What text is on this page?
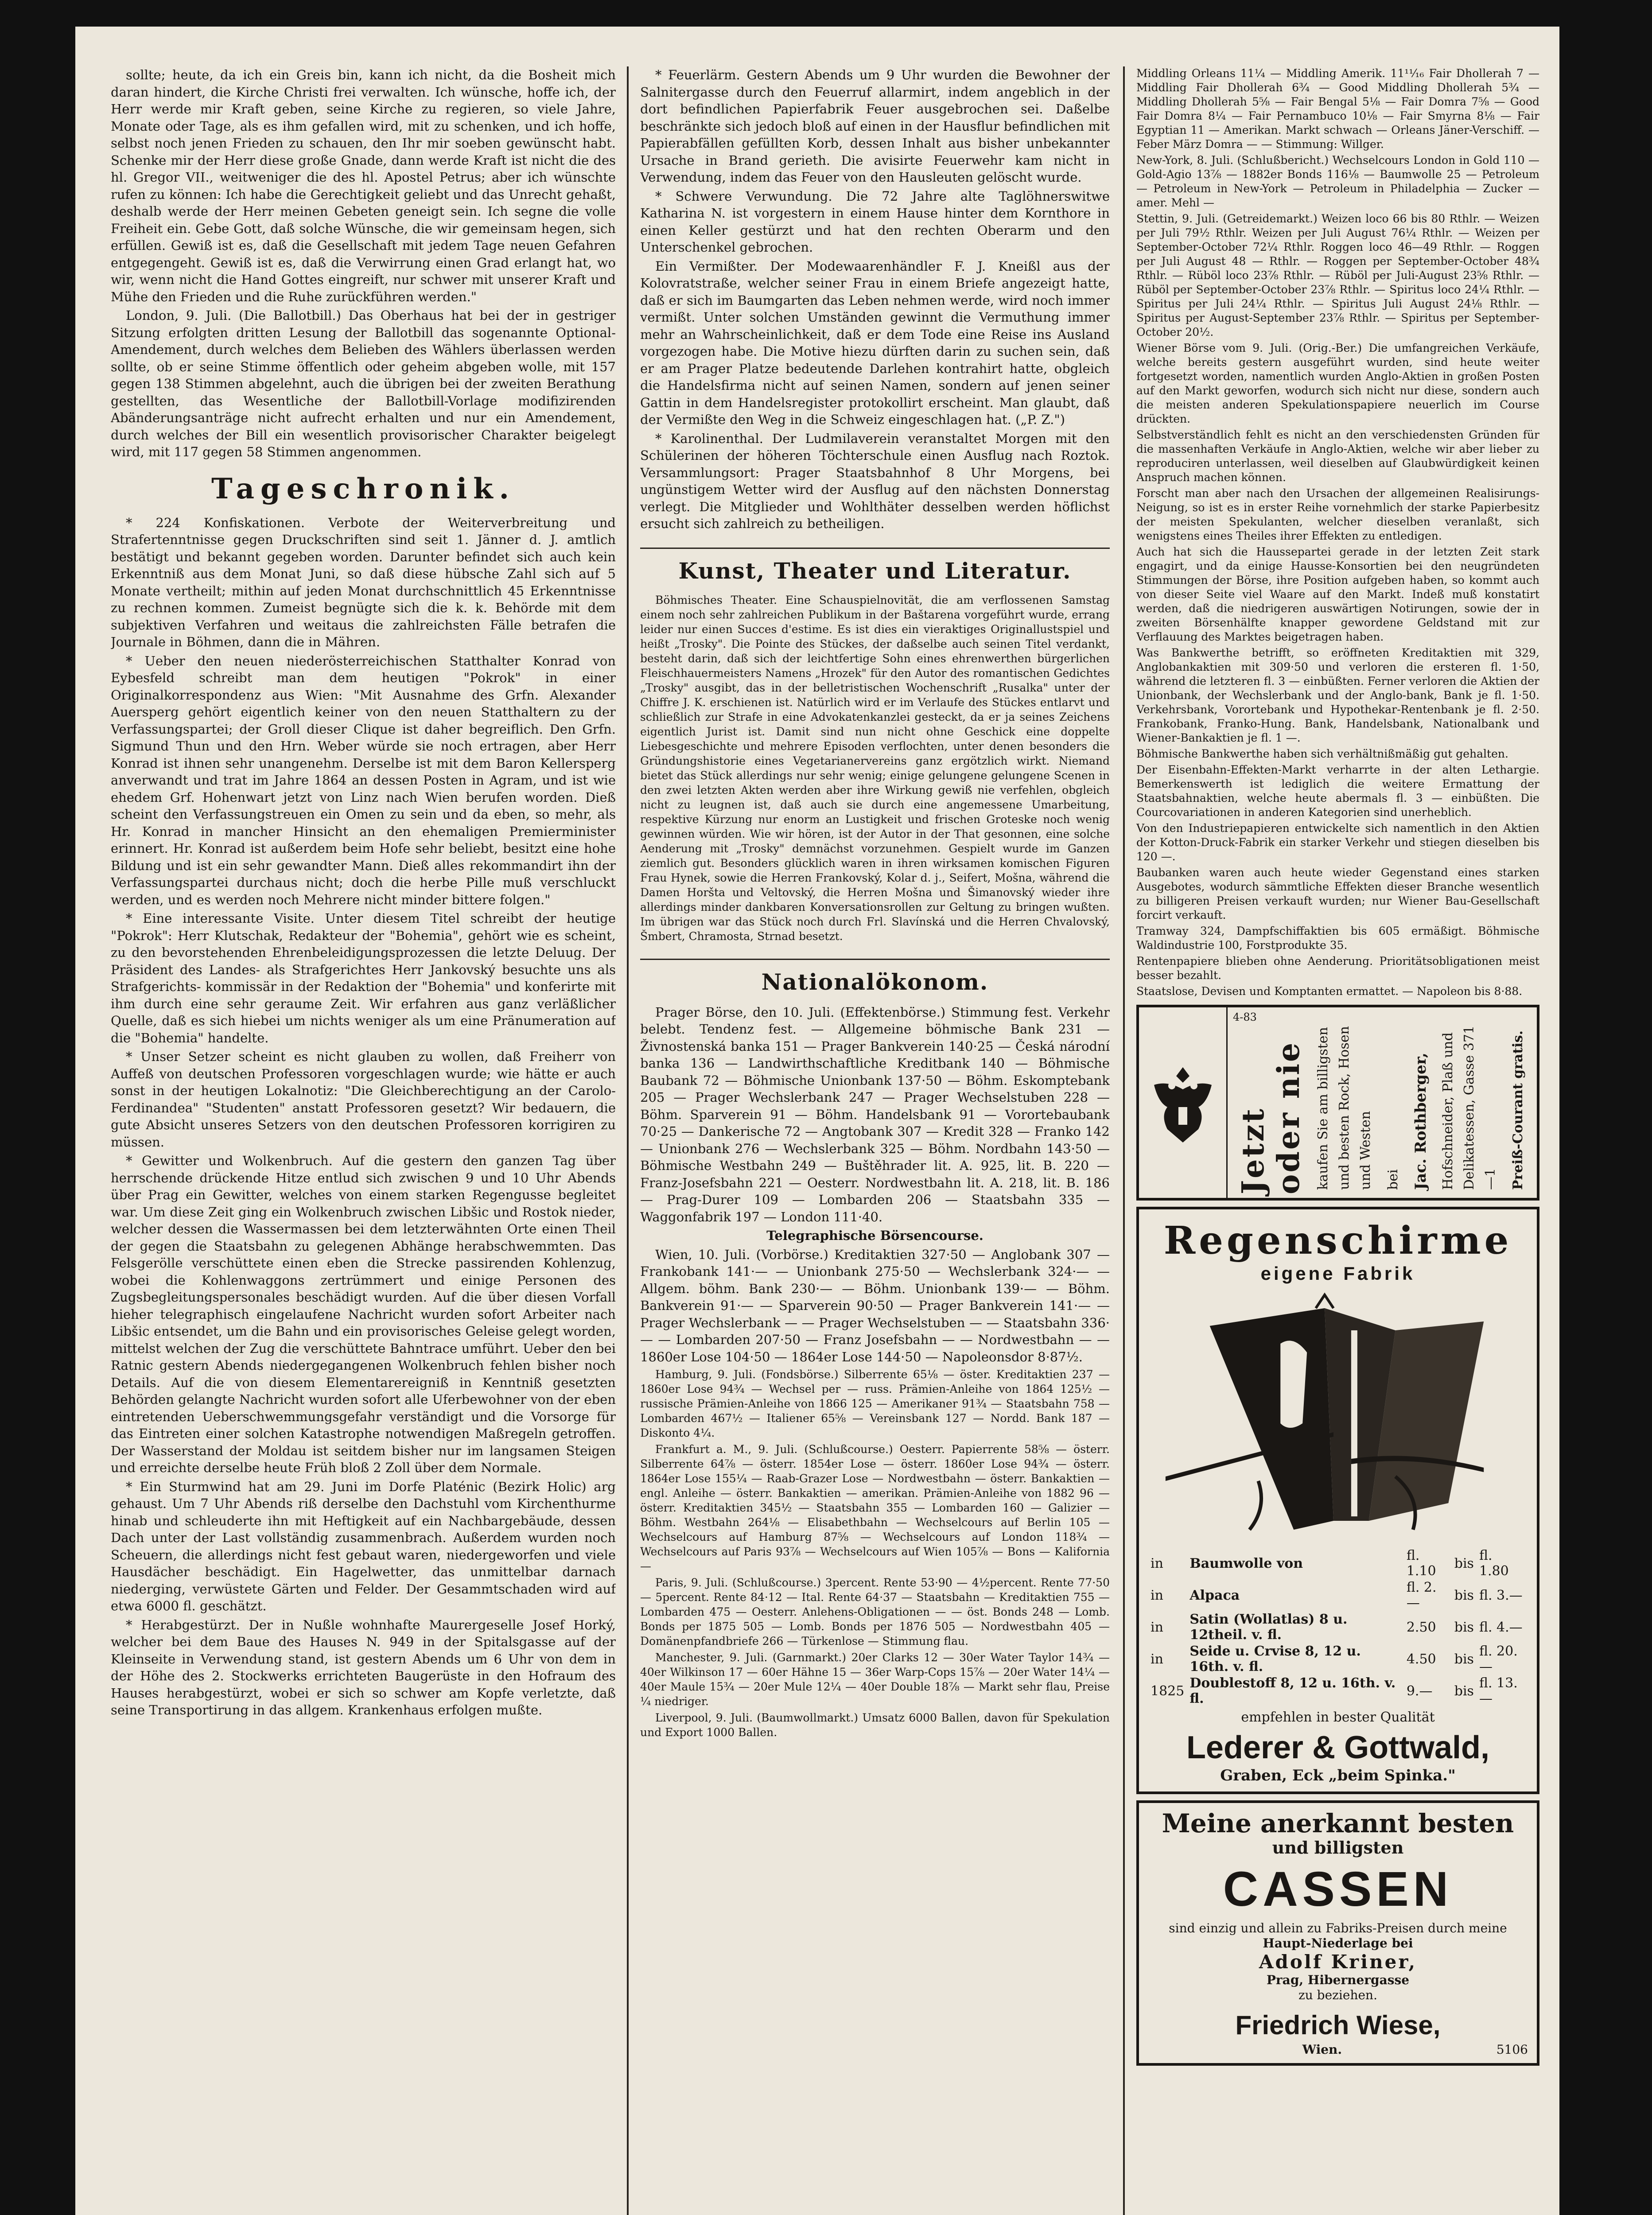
sollte; heute, da ich ein Greis bin, kann ich nicht, da die Bosheit mich daran hindert, die Kirche Christi frei verwalten. Ich wünsche, hoffe ich, der Herr werde mir Kraft geben, seine Kirche zu regieren, so viele Jahre, Monate oder Tage, als es ihm gefallen wird, mit zu schenken, und ich hoffe, selbst noch jenen Frieden zu schauen, den Ihr mir soeben gewünscht habt. Schenke mir der Herr diese große Gnade, dann werde Kraft ist nicht die des hl. Gregor VII., weitweniger die des hl. Apostel Petrus; aber ich wünschte rufen zu können: Ich habe die Gerechtigkeit geliebt und das Unrecht gehaßt, deshalb werde der Herr meinen Gebeten geneigt sein. Ich segne die volle Freiheit ein. Gebe Gott, daß solche Wünsche, die wir gemeinsam hegen, sich erfüllen. Gewiß ist es, daß die Gesellschaft mit jedem Tage neuen Gefahren entgegengeht. Gewiß ist es, daß die Verwirrung einen Grad erlangt hat, wo wir, wenn nicht die Hand Gottes eingreift, nur schwer mit unserer Kraft und Mühe den Frieden und die Ruhe zurückführen werden."

London, 9. Juli. (Die Ballotbill.) Das Oberhaus hat bei der in gestriger Sitzung erfolgten dritten Lesung der Ballotbill das sogenannte Optional-Amendement, durch welches dem Belieben des Wählers überlassen werden sollte, ob er seine Stimme öffentlich oder geheim abgeben wolle, mit 157 gegen 138 Stimmen abgelehnt, auch die übrigen bei der zweiten Berathung gestellten, das Wesentliche der Ballotbill-Vorlage modifizirenden Abänderungsanträge nicht aufrecht erhalten und nur ein Amendement, durch welches der Bill ein wesentlich provisorischer Charakter beigelegt wird, mit 117 gegen 58 Stimmen angenommen.

Tageschronik.

* 224 Konfiskationen. Verbote der Weiterverbreitung und Strafertenntnisse gegen Druckschriften sind seit 1. Jänner d. J. amtlich bestätigt und bekannt gegeben worden. Darunter befindet sich auch kein Erkenntniß aus dem Monat Juni, so daß diese hübsche Zahl sich auf 5 Monate vertheilt; mithin auf jeden Monat durchschnittlich 45 Erkenntnisse zu rechnen kommen. Zumeist begnügte sich die k. k. Behörde mit dem subjektiven Verfahren und weitaus die zahlreichsten Fälle betrafen die Journale in Böhmen, dann die in Mähren.

* Ueber den neuen niederösterreichischen Statthalter Konrad von Eybesfeld schreibt man dem heutigen "Pokrok" in einer Originalkorrespondenz aus Wien: "Mit Ausnahme des Grfn. Alexander Auersperg gehört eigentlich keiner von den neuen Statthaltern zu der Verfassungspartei; der Groll dieser Clique ist daher begreiflich. Den Grfn. Sigmund Thun und den Hrn. Weber würde sie noch ertragen, aber Herr Konrad ist ihnen sehr unangenehm. Derselbe ist mit dem Baron Kellersperg anverwandt und trat im Jahre 1864 an dessen Posten in Agram, und ist wie ehedem Grf. Hohenwart jetzt von Linz nach Wien berufen worden. Dieß scheint den Verfassungstreuen ein Omen zu sein und da eben, so mehr, als Hr. Konrad in mancher Hinsicht an den ehemaligen Premierminister erinnert. Hr. Konrad ist außerdem beim Hofe sehr beliebt, besitzt eine hohe Bildung und ist ein sehr gewandter Mann. Dieß alles rekommandirt ihn der Verfassungspartei durchaus nicht; doch die herbe Pille muß verschluckt werden, und es werden noch Mehrere nicht minder bittere folgen."

* Eine interessante Visite. Unter diesem Titel schreibt der heutige "Pokrok": Herr Klutschak, Redakteur der "Bohemia", gehört wie es scheint, zu den bevorstehenden Ehrenbeleidigungsprozessen die letzte Deluug. Der Präsident des Landes- als Strafgerichtes Herr Jankovský besuchte uns als Strafgerichts- kommissär in der Redaktion der "Bohemia" und konferirte mit ihm durch eine sehr geraume Zeit. Wir erfahren aus ganz verläßlicher Quelle, daß es sich hiebei um nichts weniger als um eine Pränumeration auf die "Bohemia" handelte.

* Unser Setzer scheint es nicht glauben zu wollen, daß Freiherr von Auffeß von deutschen Professoren vorgeschlagen wurde; wie hätte er auch sonst in der heutigen Lokalnotiz: "Die Gleichberechtigung an der Carolo-Ferdinandea" "Studenten" anstatt Professoren gesetzt? Wir bedauern, die gute Absicht unseres Setzers von den deutschen Professoren korrigiren zu müssen.

* Gewitter und Wolkenbruch. Auf die gestern den ganzen Tag über herrschende drückende Hitze entlud sich zwischen 9 und 10 Uhr Abends über Prag ein Gewitter, welches von einem starken Regengusse begleitet war. Um diese Zeit ging ein Wolkenbruch zwischen Libšic und Rostok nieder, welcher dessen die Wassermassen bei dem letzterwähnten Orte einen Theil der gegen die Staatsbahn zu gelegenen Abhänge herabschwemmten. Das Felsgerölle verschüttete einen eben die Strecke passirenden Kohlenzug, wobei die Kohlenwaggons zertrümmert und einige Personen des Zugsbegleitungspersonales beschädigt wurden. Auf die über diesen Vorfall hieher telegraphisch eingelaufene Nachricht wurden sofort Arbeiter nach Libšic entsendet, um die Bahn und ein provisorisches Geleise gelegt worden, mittelst welchen der Zug die verschüttete Bahntrace umführt. Ueber den bei Ratnic gestern Abends niedergegangenen Wolkenbruch fehlen bisher noch Details. Auf die von diesem Elementarereigniß in Kenntniß gesetzten Behörden gelangte Nachricht wurden sofort alle Uferbewohner von der eben eintretenden Ueberschwemmungsgefahr verständigt und die Vorsorge für das Eintreten einer solchen Katastrophe notwendigen Maßregeln getroffen. Der Wasserstand der Moldau ist seitdem bisher nur im langsamen Steigen und erreichte derselbe heute Früh bloß 2 Zoll über dem Normale.

* Ein Sturmwind hat am 29. Juni im Dorfe Platénic (Bezirk Holic) arg gehaust. Um 7 Uhr Abends riß derselbe den Dachstuhl vom Kirchenthurme hinab und schleuderte ihn mit Heftigkeit auf ein Nachbargebäude, dessen Dach unter der Last vollständig zusammenbrach. Außerdem wurden noch Scheuern, die allerdings nicht fest gebaut waren, niedergeworfen und viele Hausdächer beschädigt. Ein Hagelwetter, das unmittelbar darnach niederging, verwüstete Gärten und Felder. Der Gesammtschaden wird auf etwa 6000 fl. geschätzt.

* Herabgestürzt. Der in Nußle wohnhafte Maurergeselle Josef Horký, welcher bei dem Baue des Hauses N. 949 in der Spitalsgasse auf der Kleinseite in Verwendung stand, ist gestern Abends um 6 Uhr von dem in der Höhe des 2. Stockwerks errichteten Baugerüste in den Hofraum des Hauses herabgestürzt, wobei er sich so schwer am Kopfe verletzte, daß seine Transportirung in das allgem. Krankenhaus erfolgen mußte.

* Feuerlärm. Gestern Abends um 9 Uhr wurden die Bewohner der Salnitergasse durch den Feuerruf allarmirt, indem angeblich in der dort befindlichen Papierfabrik Feuer ausgebrochen sei. Daßelbe beschränkte sich jedoch bloß auf einen in der Hausflur befindlichen mit Papierabfällen gefüllten Korb, dessen Inhalt aus bisher unbekannter Ursache in Brand gerieth. Die avisirte Feuerwehr kam nicht in Verwendung, indem das Feuer von den Hausleuten gelöscht wurde.

* Schwere Verwundung. Die 72 Jahre alte Taglöhnerswitwe Katharina N. ist vorgestern in einem Hause hinter dem Kornthore in einen Keller gestürzt und hat den rechten Oberarm und den Unterschenkel gebrochen.

Ein Vermißter. Der Modewaarenhändler F. J. Kneißl aus der Kolovratstraße, welcher seiner Frau in einem Briefe angezeigt hatte, daß er sich im Baumgarten das Leben nehmen werde, wird noch immer vermißt. Unter solchen Umständen gewinnt die Vermuthung immer mehr an Wahrscheinlichkeit, daß er dem Tode eine Reise ins Ausland vorgezogen habe. Die Motive hiezu dürften darin zu suchen sein, daß er am Prager Platze bedeutende Darlehen kontrahirt hatte, obgleich die Handelsfirma nicht auf seinen Namen, sondern auf jenen seiner Gattin in dem Handelsregister protokollirt erscheint. Man glaubt, daß der Vermißte den Weg in die Schweiz eingeschlagen hat. („P. Z.")

* Karolinenthal. Der Ludmilaverein veranstaltet Morgen mit den Schülerinen der höheren Töchterschule einen Ausflug nach Roztok. Versammlungsort: Prager Staatsbahnhof 8 Uhr Morgens, bei ungünstigem Wetter wird der Ausflug auf den nächsten Donnerstag verlegt. Die Mitglieder und Wohlthäter desselben werden höflichst ersucht sich zahlreich zu betheiligen.

Kunst, Theater und Literatur.

Böhmisches Theater. Eine Schauspielnovität, die am verflossenen Samstag einem noch sehr zahlreichen Publikum in der Baštarena vorgeführt wurde, errang leider nur einen Succes d'estime. Es ist dies ein vieraktiges Originallustspiel und heißt „Trosky". Die Pointe des Stückes, der daßselbe auch seinen Titel verdankt, besteht darin, daß sich der leichtfertige Sohn eines ehrenwerthen bürgerlichen Fleischhauermeisters Namens „Hrozek" für den Autor des romantischen Gedichtes „Trosky" ausgibt, das in der belletristischen Wochenschrift „Rusalka" unter der Chiffre J. K. erschienen ist. Natürlich wird er im Verlaufe des Stückes entlarvt und schließlich zur Strafe in eine Advokatenkanzlei gesteckt, da er ja seines Zeichens eigentlich Jurist ist. Damit sind nun nicht ohne Geschick eine doppelte Liebesgeschichte und mehrere Episoden verflochten, unter denen besonders die Gründungshistorie eines Vegetarianervereins ganz ergötzlich wirkt. Niemand bietet das Stück allerdings nur sehr wenig; einige gelungene gelungene Scenen in den zwei letzten Akten werden aber ihre Wirkung gewiß nie verfehlen, obgleich nicht zu leugnen ist, daß auch sie durch eine angemessene Umarbeitung, respektive Kürzung nur enorm an Lustigkeit und frischen Groteske noch wenig gewinnen würden. Wie wir hören, ist der Autor in der That gesonnen, eine solche Aenderung mit „Trosky" demnächst vorzunehmen. Gespielt wurde im Ganzen ziemlich gut. Besonders glücklich waren in ihren wirksamen komischen Figuren Frau Hynek, sowie die Herren Frankovský, Kolar d. j., Seifert, Mošna, während die Damen Horšta und Veltovský, die Herren Mošna und Šimanovský wieder ihre allerdings minder dankbaren Konversationsrollen zur Geltung zu bringen wußten. Im übrigen war das Stück noch durch Frl. Slavínská und die Herren Chvalovský, Šmbert, Chramosta, Strnad besetzt.

Nationalökonom.

Prager Börse, den 10. Juli. (Effektenbörse.) Stimmung fest. Verkehr belebt. Tendenz fest. — Allgemeine böhmische Bank 231 — Živnostenská banka 151 — Prager Bankverein 140·25 — Česká národní banka 136 — Landwirthschaftliche Kreditbank 140 — Böhmische Baubank 72 — Böhmische Unionbank 137·50 — Böhm. Eskomptebank 205 — Prager Wechslerbank 247 — Prager Wechselstuben 228 — Böhm. Sparverein 91 — Böhm. Handelsbank 91 — Vorortebaubank 70·25 — Dankerische 72 — Angtobank 307 — Kredit 328 — Franko 142 — Unionbank 276 — Wechslerbank 325 — Böhm. Nordbahn 143·50 — Böhmische Westbahn 249 — Buštěhrader lit. A. 925, lit. B. 220 — Franz-Josefsbahn 221 — Oesterr. Nordwestbahn lit. A. 218, lit. B. 186 — Prag-Durer 109 — Lombarden 206 — Staatsbahn 335 — Waggonfabrik 197 — London 111·40.

Telegraphische Börsencourse.

Wien, 10. Juli. (Vorbörse.) Kreditaktien 327·50 — Anglobank 307 — Frankobank 141·— — Unionbank 275·50 — Wechslerbank 324·— — Allgem. böhm. Bank 230·— — Böhm. Unionbank 139·— — Böhm. Bankverein 91·— — Sparverein 90·50 — Prager Bankverein 141·— — Prager Wechslerbank — — Prager Wechselstuben — — Staatsbahn 336·— — Lombarden 207·50 — Franz Josefsbahn — — Nordwestbahn — — 1860er Lose 104·50 — 1864er Lose 144·50 — Napoleonsdor 8·87½.

Hamburg, 9. Juli. (Fondsbörse.) Silberrente 65⅛ — öster. Kreditaktien 237 — 1860er Lose 94¾ — Wechsel per — russ. Prämien-Anleihe von 1864 125½ — russische Prämien-Anleihe von 1866 125 — Amerikaner 91¾ — Staatsbahn 758 — Lombarden 467½ — Italiener 65⅝ — Vereinsbank 127 — Nordd. Bank 187 — Diskonto 4¼.

Frankfurt a. M., 9. Juli. (Schlußcourse.) Oesterr. Papierrente 58⅝ — österr. Silberrente 64⅞ — österr. 1854er Lose — österr. 1860er Lose 94¾ — österr. 1864er Lose 155¼ — Raab-Grazer Lose — Nordwestbahn — österr. Bankaktien — engl. Anleihe — österr. Bankaktien — amerikan. Prämien-Anleihe von 1882 96 — österr. Kreditaktien 345½ — Staatsbahn 355 — Lombarden 160 — Galizier — Böhm. Westbahn 264⅛ — Elisabethbahn — Wechselcours auf Berlin 105 — Wechselcours auf Hamburg 87⅝ — Wechselcours auf London 118¾ — Wechselcours auf Paris 93⅞ — Wechselcours auf Wien 105⅞ — Bons — Kalifornia —

Paris, 9. Juli. (Schlußcourse.) 3percent. Rente 53·90 — 4½percent. Rente 77·50 — 5percent. Rente 84·12 — Ital. Rente 64·37 — Staatsbahn — Kreditaktien 755 — Lombarden 475 — Oesterr. Anlehens-Obligationen — — öst. Bonds 248 — Lomb. Bonds per 1875 505 — Lomb. Bonds per 1876 505 — Nordwestbahn 405 — Domänenpfandbriefe 266 — Türkenlose — Stimmung flau.

Manchester, 9. Juli. (Garnmarkt.) 20er Clarks 12 — 30er Water Taylor 14¾ — 40er Wilkinson 17 — 60er Hähne 15 — 36er Warp-Cops 15⅞ — 20er Water 14¼ — 40er Maule 15¾ — 20er Mule 12¼ — 40er Double 18⅞ — Markt sehr flau, Preise ¼ niedriger.

Liverpool, 9. Juli. (Baumwollmarkt.) Umsatz 6000 Ballen, davon für Spekulation und Export 1000 Ballen.

Middling Orleans 11¼ — Middling Amerik. 11¹¹⁄₁₆ Fair Dhollerah 7 — Middling Fair Dhollerah 6¾ — Good Middling Dhollerah 5¾ — Middling Dhollerah 5⅝ — Fair Bengal 5⅛ — Fair Domra 7⅝ — Good Fair Domra 8¼ — Fair Pernambuco 10⅛ — Fair Smyrna 8⅛ — Fair Egyptian 11 — Amerikan. Markt schwach — Orleans Jäner-Verschiff. — Feber März Domra — — Stimmung: Willger.

New-York, 8. Juli. (Schlußbericht.) Wechselcours London in Gold 110 — Gold-Agio 13⅞ — 1882er Bonds 116⅛ — Baumwolle 25 — Petroleum — Petroleum in New-York — Petroleum in Philadelphia — Zucker — amer. Mehl —

Stettin, 9. Juli. (Getreidemarkt.) Weizen loco 66 bis 80 Rthlr. — Weizen per Juli 79½ Rthlr. Weizen per Juli August 76¼ Rthlr. — Weizen per September-October 72¼ Rthlr. Roggen loco 46—49 Rthlr. — Roggen per Juli August 48 — Rthlr. — Roggen per September-October 48¾ Rthlr. — Rüböl loco 23⅞ Rthlr. — Rüböl per Juli-August 23⅝ Rthlr. — Rüböl per September-October 23⅞ Rthlr. — Spiritus loco 24¼ Rthlr. — Spiritus per Juli 24¼ Rthlr. — Spiritus Juli August 24⅛ Rthlr. — Spiritus per August-September 23⅞ Rthlr. — Spiritus per September-October 20½.

Wiener Börse vom 9. Juli. (Orig.-Ber.) Die umfangreichen Verkäufe, welche bereits gestern ausgeführt wurden, sind heute weiter fortgesetzt worden, namentlich wurden Anglo-Aktien in großen Posten auf den Markt geworfen, wodurch sich nicht nur diese, sondern auch die meisten anderen Spekulationspapiere neuerlich im Course drückten.

Selbstverständlich fehlt es nicht an den verschiedensten Gründen für die massenhaften Verkäufe in Anglo-Aktien, welche wir aber lieber zu reproduciren unterlassen, weil dieselben auf Glaubwürdigkeit keinen Anspruch machen können.

Forscht man aber nach den Ursachen der allgemeinen Realisirungs-Neigung, so ist es in erster Reihe vornehmlich der starke Papierbesitz der meisten Spekulanten, welcher dieselben veranlaßt, sich wenigstens eines Theiles ihrer Effekten zu entledigen.

Auch hat sich die Haussepartei gerade in der letzten Zeit stark engagirt, und da einige Hausse-Konsortien bei den neugründeten Stimmungen der Börse, ihre Position aufgeben haben, so kommt auch von dieser Seite viel Waare auf den Markt. Indeß muß konstatirt werden, daß die niedrigeren auswärtigen Notirungen, sowie der in zweiten Börsenhälfte knapper gewordene Geldstand mit zur Verflauung des Marktes beigetragen haben.

Was Bankwerthe betrifft, so eröffneten Kreditaktien mit 329, Anglobankaktien mit 309·50 und verloren die ersteren fl. 1·50, während die letzteren fl. 3 — einbüßten. Ferner verloren die Aktien der Unionbank, der Wechslerbank und der Anglo-bank, Bank je fl. 1·50. Verkehrsbank, Vorortebank und Hypothekar-Rentenbank je fl. 2·50. Frankobank, Franko-Hung. Bank, Handelsbank, Nationalbank und Wiener-Bankaktien je fl. 1 —.

Böhmische Bankwerthe haben sich verhältnißmäßig gut gehalten.

Der Eisenbahn-Effekten-Markt verharrte in der alten Lethargie. Bemerkenswerth ist lediglich die weitere Ermattung der Staatsbahnaktien, welche heute abermals fl. 3 — einbüßten. Die Courcovariationen in anderen Kategorien sind unerheblich.

Von den Industriepapieren entwickelte sich namentlich in den Aktien der Kotton-Druck-Fabrik ein starker Verkehr und stiegen dieselben bis 120 —.

Baubanken waren auch heute wieder Gegenstand eines starken Ausgebotes, wodurch sämmtliche Effekten dieser Branche wesentlich zu billigeren Preisen verkauft wurden; nur Wiener Bau-Gesellschaft forcirt verkauft.

Tramway 324, Dampfschiffaktien bis 605 ermäßigt. Böhmische Waldindustrie 100, Forstprodukte 35.

Rentenpapiere blieben ohne Aenderung. Prioritätsobligationen meist besser bezahlt.

Staatslose, Devisen und Komptanten ermattet. — Napoleon bis 8·88.

4-83
Jetzt oder nie kaufen Sie am billigsten und besten Rock, Hosen und Westen bei Jac. Rothberger, Hofschneider, Plaß und Delikatessen, Gasse 371—1 Preiß-Courant gratis.
Regenschirme
eigene Fabrik
in	Baumwolle von	fl. 1.10	bis	fl. 1.80
in	Alpaca	fl. 2.—	bis	fl. 3.—
in	Satin (Wollatlas) 8 u. 12theil. v. fl.	2.50	bis	fl. 4.—
in	Seide u. Crvise 8, 12 u. 16th. v. fl.	4.50	bis	fl. 20.—
1825	Doublestoff 8, 12 u. 16th. v. fl.	9.—	bis	fl. 13.—
empfehlen in bester Qualität
Lederer & Gottwald,
Graben, Eck „beim Spinka."
Meine anerkannt besten
und billigsten
CASSEN
sind einzig und allein zu Fabriks-Preisen durch meine
Haupt-Niederlage bei
Adolf Kriner,
Prag, Hibernergasse
zu beziehen.
Friedrich Wiese,
Wien.	5106
